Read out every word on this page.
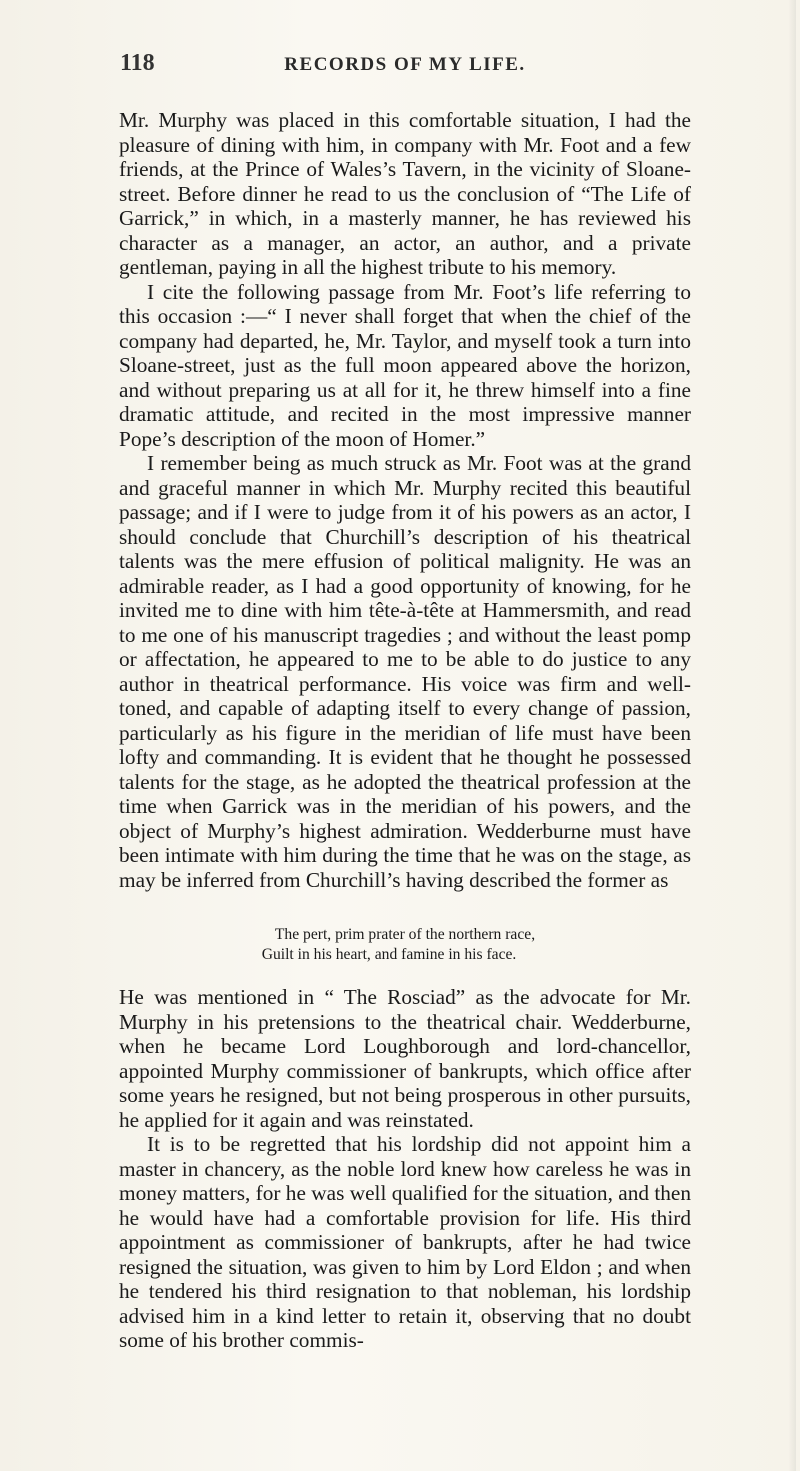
118	RECORDS OF MY LIFE.

Mr. Murphy was placed in this comfortable situation, I had the pleasure of dining with him, in company with Mr. Foot and a few friends, at the Prince of Wales’s Tavern, in the vicinity of Sloane-street. Before dinner he read to us the conclusion of “The Life of Garrick,” in which, in a masterly manner, he has reviewed his character as a manager, an actor, an author, and a private gentleman, paying in all the highest tribute to his memory.

I cite the following passage from Mr. Foot’s life referring to this occasion :—“ I never shall forget that when the chief of the company had departed, he, Mr. Taylor, and myself took a turn into Sloane-street, just as the full moon appeared above the horizon, and without preparing us at all for it, he threw himself into a fine dramatic attitude, and recited in the most impressive manner Pope’s description of the moon of Homer.”

I remember being as much struck as Mr. Foot was at the grand and graceful manner in which Mr. Murphy recited this beautiful passage; and if I were to judge from it of his powers as an actor, I should conclude that Churchill’s description of his theatrical talents was the mere effusion of political malignity. He was an admirable reader, as I had a good opportunity of knowing, for he invited me to dine with him tête-à-tête at Hammersmith, and read to me one of his manuscript tragedies ; and without the least pomp or affectation, he appeared to me to be able to do justice to any author in theatrical performance. His voice was firm and well-toned, and capable of adapting itself to every change of passion, particularly as his figure in the meridian of life must have been lofty and commanding. It is evident that he thought he possessed talents for the stage, as he adopted the theatrical profession at the time when Garrick was in the meridian of his powers, and the object of Murphy’s highest admiration. Wedderburne must have been intimate with him during the time that he was on the stage, as may be inferred from Churchill’s having described the former as

The pert, prim prater of the northern race,
Guilt in his heart, and famine in his face.

He was mentioned in “ The Rosciad” as the advocate for Mr. Murphy in his pretensions to the theatrical chair. Wedderburne, when he became Lord Loughborough and lord-chancellor, appointed Murphy commissioner of bankrupts, which office after some years he resigned, but not being prosperous in other pursuits, he applied for it again and was reinstated.

It is to be regretted that his lordship did not appoint him a master in chancery, as the noble lord knew how careless he was in money matters, for he was well qualified for the situation, and then he would have had a comfortable provision for life. His third appointment as commissioner of bankrupts, after he had twice resigned the situation, was given to him by Lord Eldon ; and when he tendered his third resignation to that nobleman, his lordship advised him in a kind letter to retain it, observing that no doubt some of his brother commis-
